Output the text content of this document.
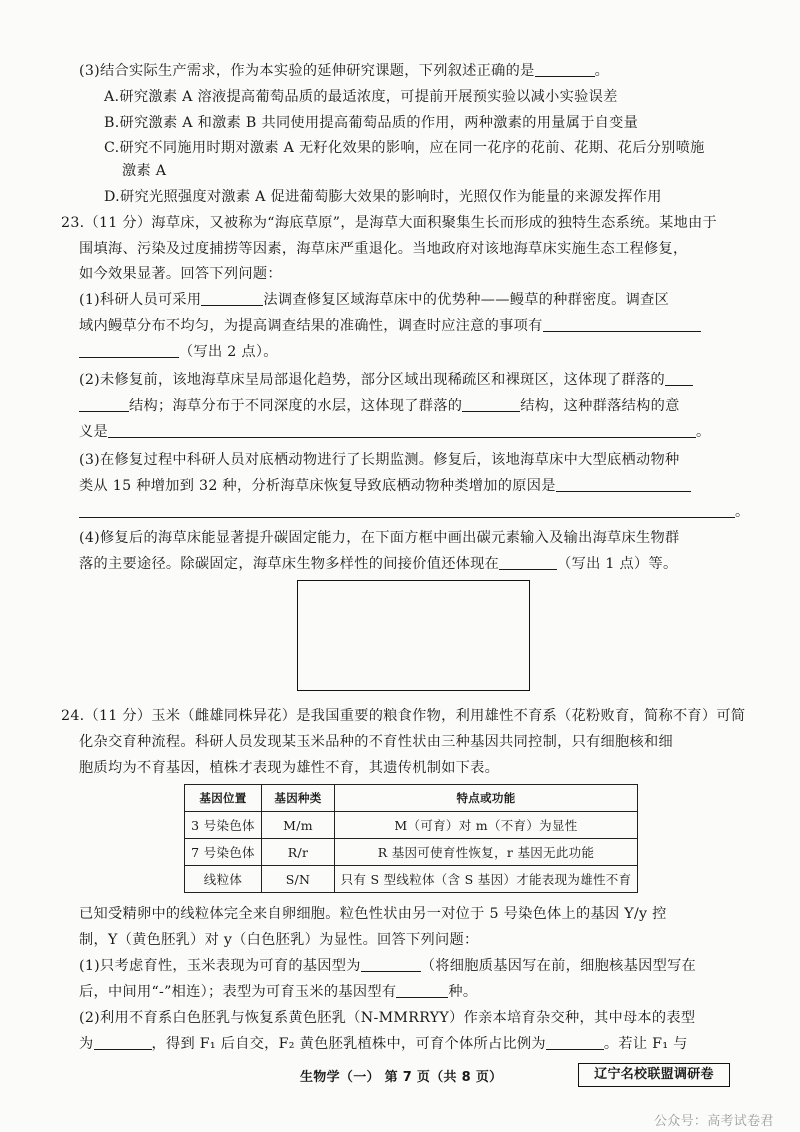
(3)结合实际生产需求，作为本实验的延伸研究课题，下列叙述正确的是	。
A.研究激素 A 溶液提高葡萄品质的最适浓度，可提前开展预实验以减小实验误差
B.研究激素 A 和激素 B 共同使用提高葡萄品质的作用，两种激素的用量属于自变量
C.研究不同施用时期对激素 A 无籽化效果的影响，应在同一花序的花前、花期、花后分别喷施
激素 A
D.研究光照强度对激素 A 促进葡萄膨大效果的影响时，光照仅作为能量的来源发挥作用
23.（11 分）海草床，又被称为“海底草原”，是海草大面积聚集生长而形成的独特生态系统。某地由于
围填海、污染及过度捕捞等因素，海草床严重退化。当地政府对该地海草床实施生态工程修复，
如今效果显著。回答下列问题：
(1)科研人员可采用	法调查修复区域海草床中的优势种——鳗草的种群密度。调查区
域内鳗草分布不均匀，为提高调查结果的准确性，调查时应注意的事项有
（写出 2 点）。
(2)未修复前，该地海草床呈局部退化趋势，部分区域出现稀疏区和裸斑区，这体现了群落的
结构；海草分布于不同深度的水层，这体现了群落的	结构，这种群落结构的意
义是	。
(3)在修复过程中科研人员对底栖动物进行了长期监测。修复后，该地海草床中大型底栖动物种
类从 15 种增加到 32 种，分析海草床恢复导致底栖动物种类增加的原因是
。
(4)修复后的海草床能显著提升碳固定能力，在下面方框中画出碳元素输入及输出海草床生物群
落的主要途径。除碳固定，海草床生物多样性的间接价值还体现在	（写出 1 点）等。
24.（11 分）玉米（雌雄同株异花）是我国重要的粮食作物，利用雄性不育系（花粉败育，简称不育）可简
化杂交育种流程。科研人员发现某玉米品种的不育性状由三种基因共同控制，只有细胞核和细
胞质均为不育基因，植株才表现为雄性不育，其遗传机制如下表。
基因位置	基因种类	特点或功能
3 号染色体	M/m	M（可育）对 m（不育）为显性
7 号染色体	R/r	R 基因可使育性恢复，r 基因无此功能
线粒体	S/N	只有 S 型线粒体（含 S 基因）才能表现为雄性不育
已知受精卵中的线粒体完全来自卵细胞。粒色性状由另一对位于 5 号染色体上的基因 Y/y 控
制，Y（黄色胚乳）对 y（白色胚乳）为显性。回答下列问题：
(1)只考虑育性，玉米表现为可育的基因型为	（将细胞质基因写在前，细胞核基因型写在
后，中间用“-”相连）；表型为可育玉米的基因型有	种。
(2)利用不育系白色胚乳与恢复系黄色胚乳（N-MMRRYY）作亲本培育杂交种，其中母本的表型
为	，得到 F₁ 后自交，F₂ 黄色胚乳植株中，可育个体所占比例为	。若让 F₁ 与
生物学（一） 第 7 页（共 8 页）	辽宁名校联盟调研卷
公众号：高考试卷君
